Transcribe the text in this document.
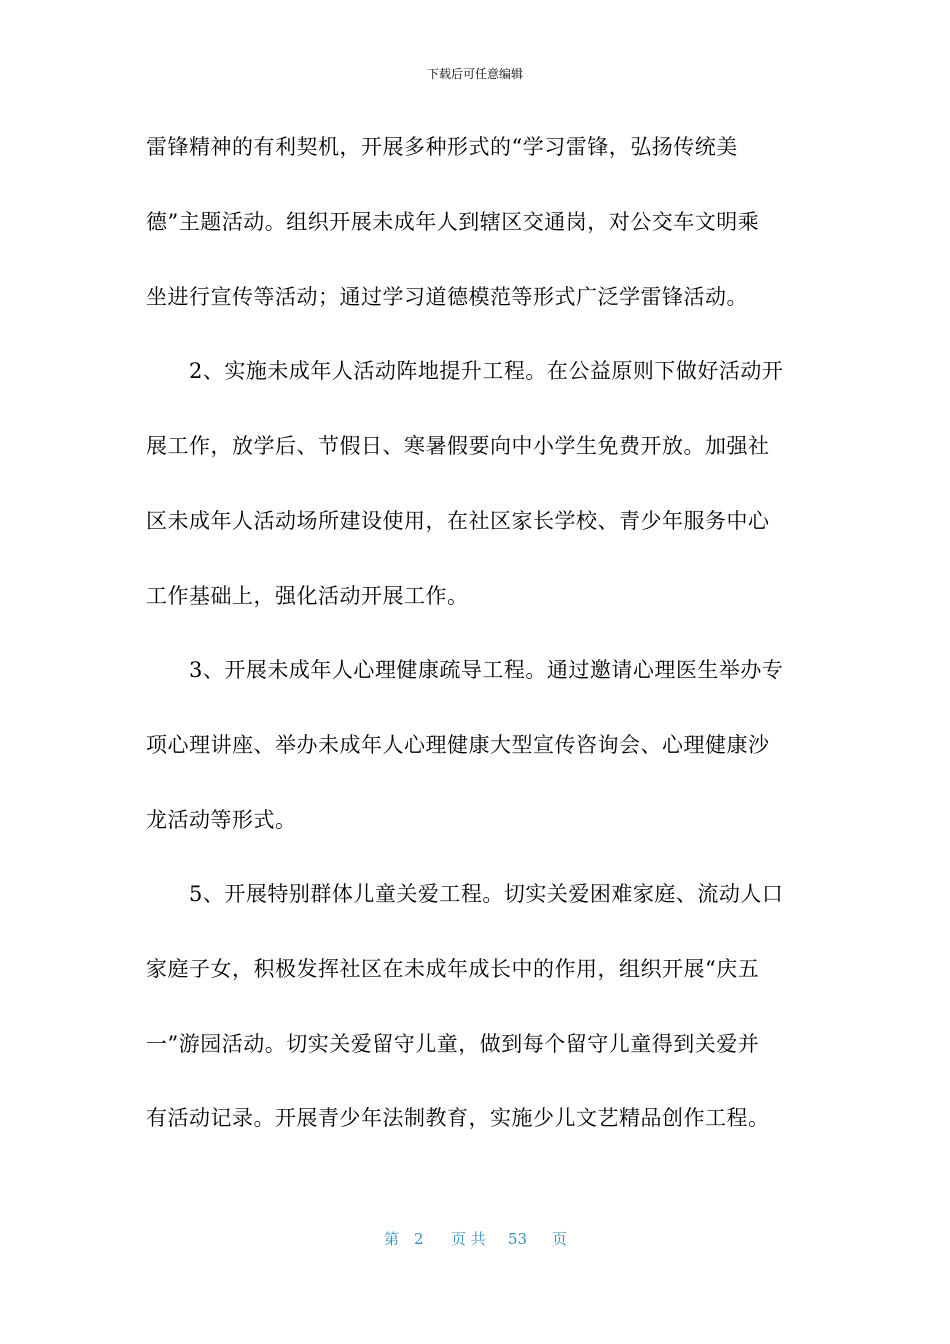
下载后可任意编辑
雷锋精神的有利契机，开展多种形式的“学习雷锋，弘扬传统美
德”主题活动。组织开展未成年人到辖区交通岗，对公交车文明乘
坐进行宣传等活动；通过学习道德模范等形式广泛学雷锋活动。
　　2、实施未成年人活动阵地提升工程。在公益原则下做好活动开
展工作，放学后、节假日、寒暑假要向中小学生免费开放。加强社
区未成年人活动场所建设使用，在社区家长学校、青少年服务中心
工作基础上，强化活动开展工作。
　　3、开展未成年人心理健康疏导工程。通过邀请心理医生举办专
项心理讲座、举办未成年人心理健康大型宣传咨询会、心理健康沙
龙活动等形式。
　　5、开展特别群体儿童关爱工程。切实关爱困难家庭、流动人口
家庭子女，积极发挥社区在未成年成长中的作用，组织开展“庆五
一”游园活动。切实关爱留守儿童，做到每个留守儿童得到关爱并
有活动记录。开展青少年法制教育，实施少儿文艺精品创作工程。
第 2 页 共 53 页
